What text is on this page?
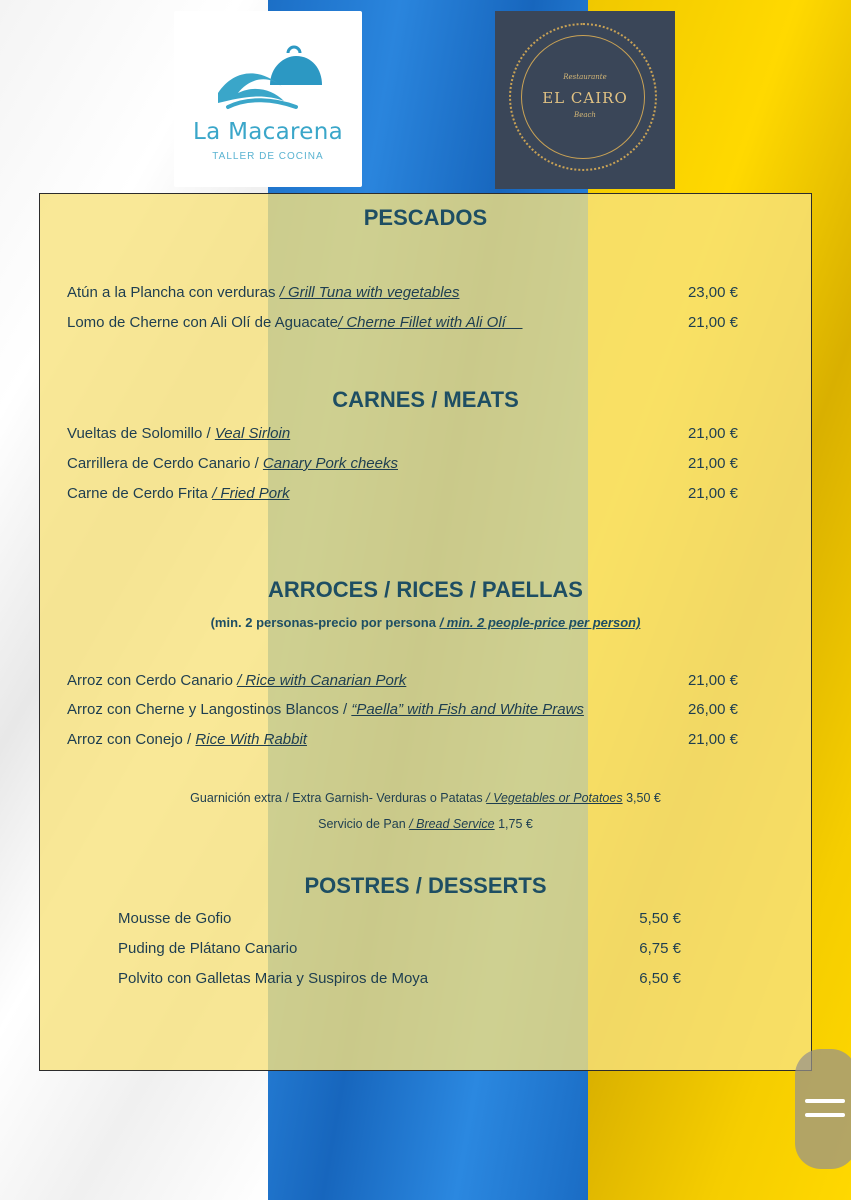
La Macarena
TALLER DE COCINA
Restaurante
EL CAIRO
Beach
PESCADOS
Atún a la Plancha con verduras / Grill Tuna with vegetables	23,00 €
Lomo de Cherne con Ali Olí de Aguacate/ Cherne Fillet with Ali Olí	21,00 €
CARNES / MEATS
Vueltas de Solomillo / Veal Sirloin	21,00 €
Carrillera de Cerdo Canario / Canary Pork cheeks	21,00 €
Carne de Cerdo Frita / Fried Pork	21,00 €
ARROCES / RICES / PAELLAS
(min. 2 personas-precio por persona / min. 2 people-price per person)
Arroz con Cerdo Canario / Rice with Canarian Pork	21,00 €
Arroz con Cherne y Langostinos Blancos / “Paella” with Fish and White Praws	26,00 €
Arroz con Conejo / Rice With Rabbit	21,00 €
Guarnición extra / Extra Garnish- Verduras o Patatas / Vegetables or Potatoes 3,50 €
Servicio de Pan / Bread Service 1,75 €
POSTRES / DESSERTS
Mousse de Gofio	5,50 €
Puding de Plátano Canario	6,75 €
Polvito con Galletas Maria y Suspiros de Moya	6,50 €
